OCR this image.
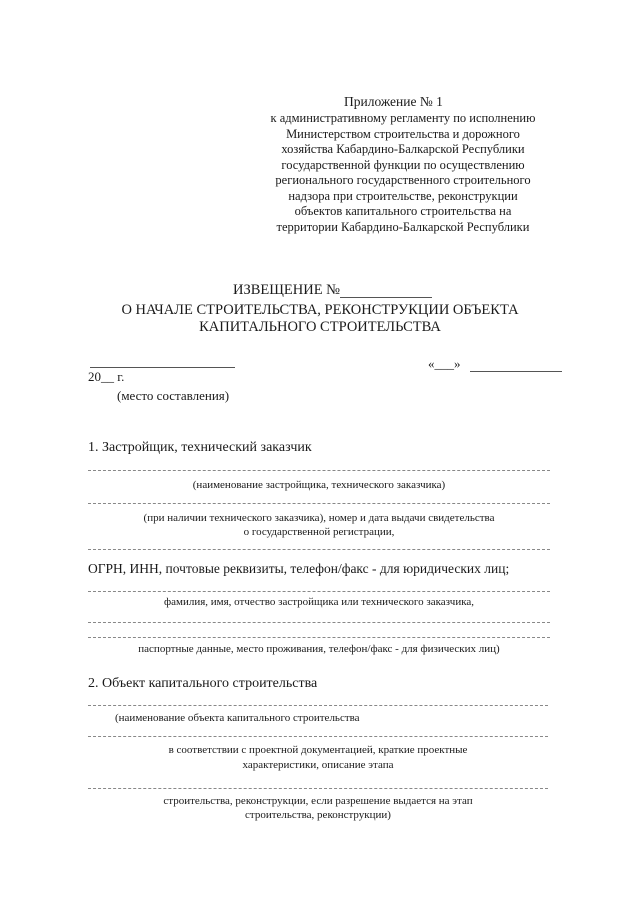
Приложение № 1
к административному регламенту по исполнению
Министерством строительства и дорожного
хозяйства Кабардино-Балкарской Республики
государственной функции по осуществлению
регионального государственного строительного
надзора при строительстве, реконструкции
объектов капитального строительства на
территории Кабардино-Балкарской Республики
ИЗВЕЩЕНИЕ №
О НАЧАЛЕ СТРОИТЕЛЬСТВА, РЕКОНСТРУКЦИИ ОБЪЕКТА
КАПИТАЛЬНОГО СТРОИТЕЛЬСТВА
«___»
20__ г.
(место составления)
1. Застройщик, технический заказчик
(наименование застройщика, технического заказчика)
(при наличии технического заказчика), номер и дата выдачи свидетельства
о государственной регистрации,
ОГРН, ИНН, почтовые реквизиты, телефон/факс - для юридических лиц;
фамилия, имя, отчество застройщика или технического заказчика,
паспортные данные, место проживания, телефон/факс - для физических лиц)
2. Объект капитального строительства
(наименование объекта капитального строительства
в соответствии с проектной документацией, краткие проектные
характеристики, описание этапа
строительства, реконструкции, если разрешение выдается на этап
строительства, реконструкции)
